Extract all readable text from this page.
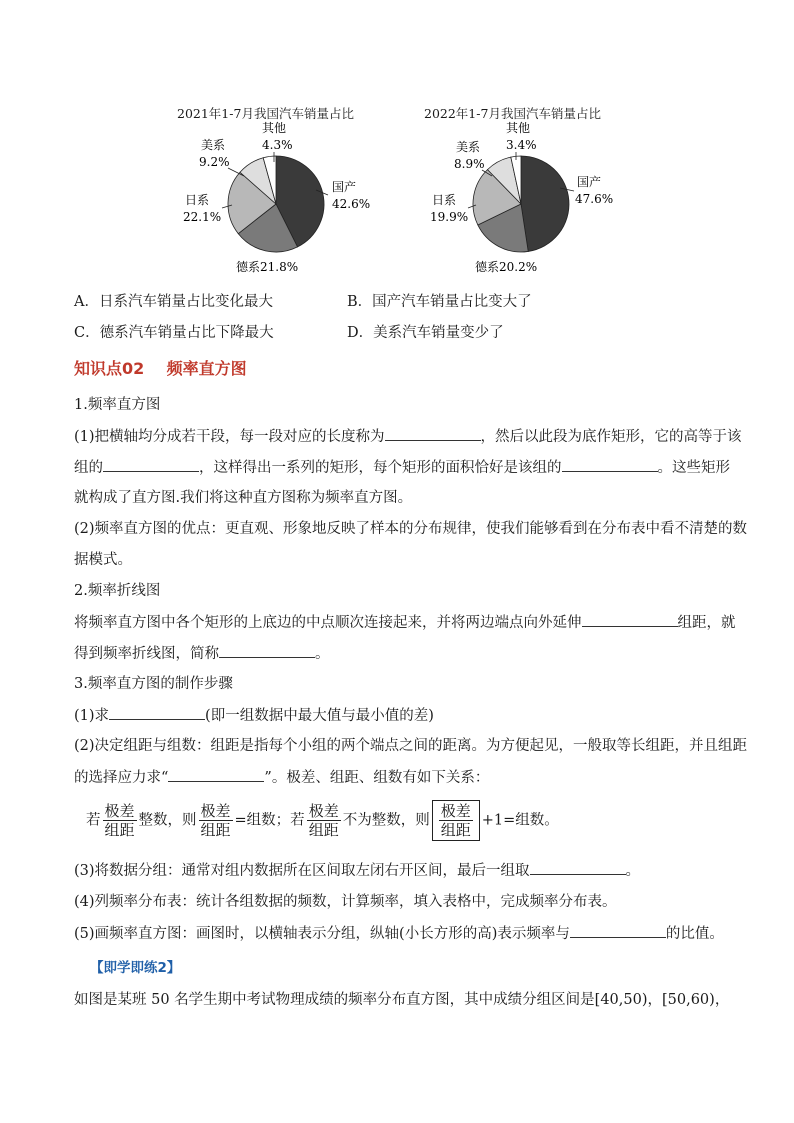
2021年1-7月我国汽车销量占比	2022年1-7月我国汽车销量占比
其他
4.3%
美系
9.2%
日系
22.1%
德系21.8%
国产
42.6%
其他
3.4%
美系
8.9%
日系
19.9%
德系20.2%
国产
47.6%
A．日系汽车销量占比变化最大	B．国产汽车销量占比变大了
C．德系汽车销量占比下降最大	D．美系汽车销量变少了
知识点02 频率直方图
1.频率直方图
(1)把横轴均分成若干段，每一段对应的长度称为	，然后以此段为底作矩形，它的高等于该
组的	，这样得出一系列的矩形，每个矩形的面积恰好是该组的	。这些矩形
就构成了直方图.我们将这种直方图称为频率直方图。
(2)频率直方图的优点：更直观、形象地反映了样本的分布规律，使我们能够看到在分布表中看不清楚的数
据模式。
2.频率折线图
将频率直方图中各个矩形的上底边的中点顺次连接起来，并将两边端点向外延伸	组距，就
得到频率折线图，简称	。
3.频率直方图的制作步骤
(1)求	(即一组数据中最大值与最小值的差)
(2)决定组距与组数：组距是指每个小组的两个端点之间的距离。为方便起见，一般取等长组距，并且组距
的选择应力求“	”。极差、组距、组数有如下关系：
若 $\frac{\text{极差}}{\text{组距}}$ 整数，则 $\frac{\text{极差}}{\text{组距}}$ =组数；若 $\frac{\text{极差}}{\text{组距}}$ 不为整数，则 $\frac{\text{极差}}{\text{组距}} +1=$组数。
(3)将数据分组：通常对组内数据所在区间取左闭右开区间，最后一组取	。
(4)列频率分布表：统计各组数据的频数，计算频率，填入表格中，完成频率分布表。
(5)画频率直方图：画图时，以横轴表示分组，纵轴(小长方形的高)表示频率与	的比值。
【即学即练2】
如图是某班 50 名学生期中考试物理成绩的频率分布直方图，其中成绩分组区间是[40,50)，[50,60)，
